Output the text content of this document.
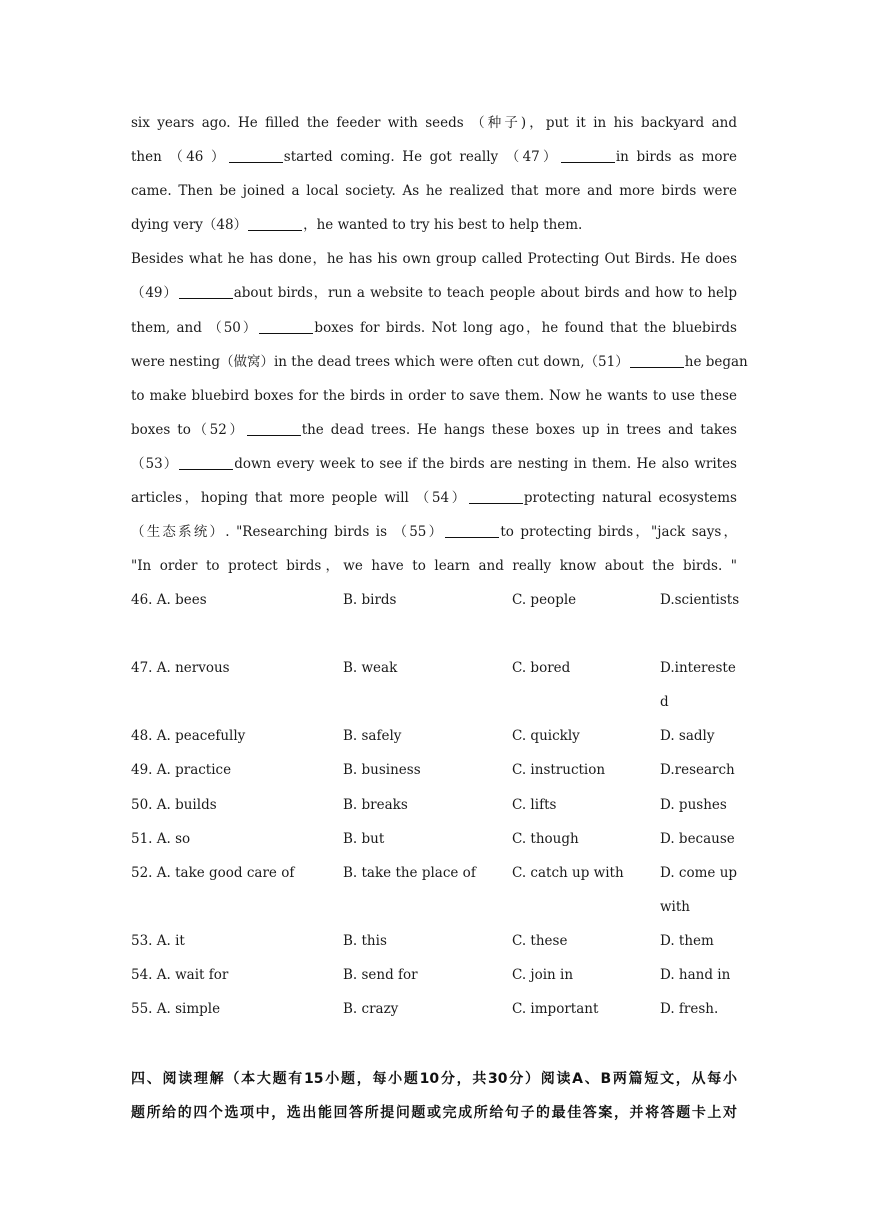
six years ago. He filled the feeder with seeds （种子)，put it in his backyard and
then （46 ）	started coming. He got really （47）	in birds as more
came. Then be joined a local society. As he realized that more and more birds were
dying very（48）	，he wanted to try his best to help them.
Besides what he has done，he has his own group called Protecting Out Birds. He does
（49）	about birds，run a website to teach people about birds and how to help
them, and （50）	boxes for birds. Not long ago，he found that the bluebirds
were nesting（做窝）in the dead trees which were often cut down,（51）	he began
to make bluebird boxes for the birds in order to save them. Now he wants to use these
boxes to（52）	the dead trees. He hangs these boxes up in trees and takes
（53）	down every week to see if the birds are nesting in them. He also writes
articles，hoping that more people will （54）	protecting natural ecosystems
（生态系统）. "Researching birds is （55）	to protecting birds，"jack says，
"In order to protect birds，we have to learn and really know about the birds. "
46. A. bees	B. birds	C. people	D.scientists
47. A. nervous	B. weak	C. bored	D.interested
48. A. peacefully	B. safely	C. quickly	D. sadly
49. A. practice	B. business	C. instruction	D.research
50. A. builds	B. breaks	C. lifts	D. pushes
51. A. so	B. but	C. though	D. because
52. A. take good care of	B. take the place of	C. catch up with	D. come up with
53. A. it	B. this	C. these	D. them
54. A. wait for	B. send for	C. join in	D. hand in
55. A. simple	B. crazy	C. important	D. fresh.
四、阅读理解（本大题有15小题，每小题10分，共30分）阅读A、B两篇短文，从每小
题所给的四个选项中，选出能回答所提问题或完成所给句子的最佳答案，并将答题卡上对
